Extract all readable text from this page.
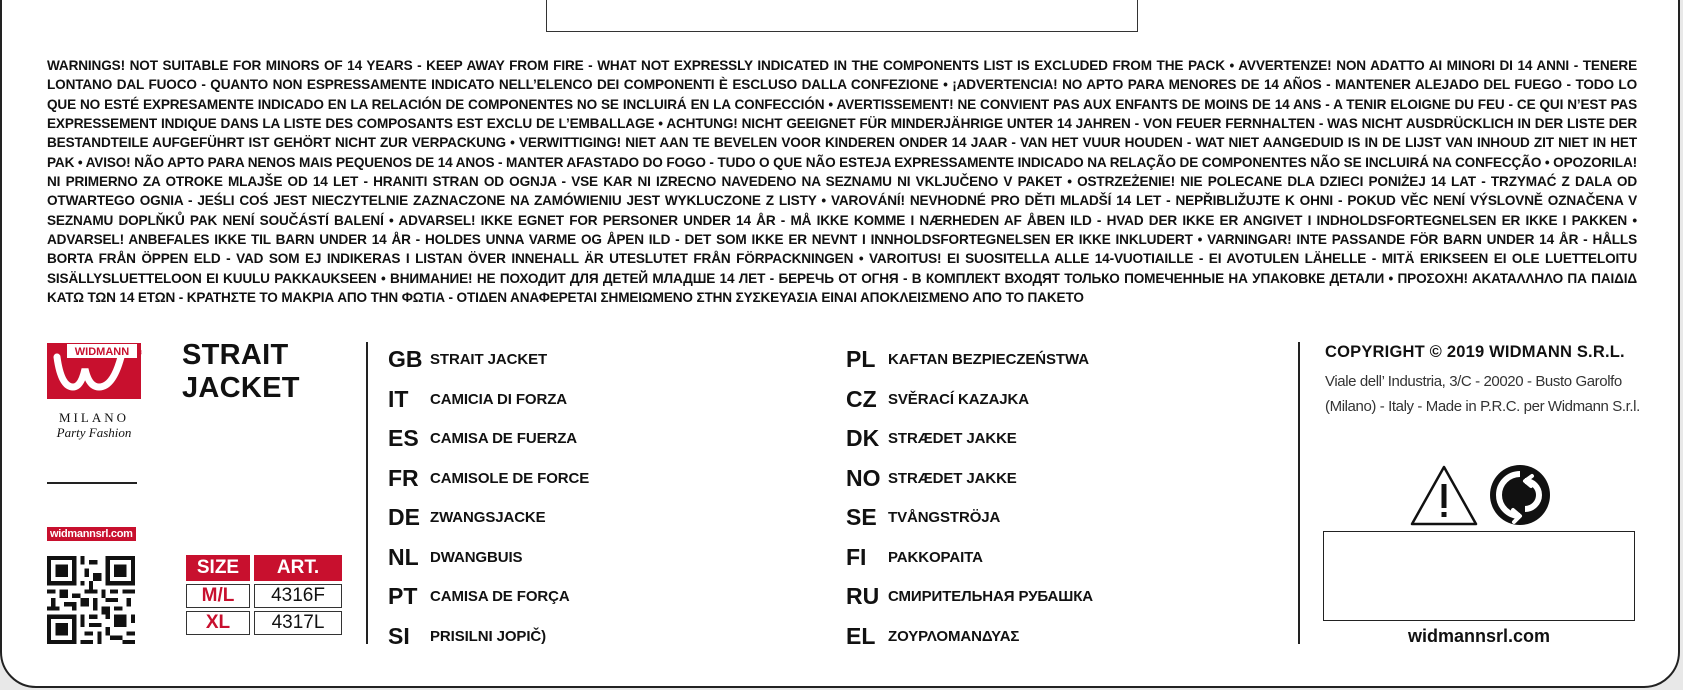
WARNINGS! NOT SUITABLE FOR MINORS OF 14 YEARS - KEEP AWAY FROM FIRE - WHAT NOT EXPRESSLY INDICATED IN THE COMPONENTS LIST IS EXCLUDED FROM THE PACK • AVVERTENZE! NON ADATTO AI MINORI DI 14 ANNI - TENERE LONTANO DAL FUOCO - QUANTO NON ESPRESSAMENTE INDICATO NELL’ELENCO DEI COMPONENTI È ESCLUSO DALLA CONFEZIONE • ¡ADVERTENCIA! NO APTO PARA MENORES DE 14 AÑOS - MANTENER ALEJADO DEL FUEGO - TODO LO QUE NO ESTÉ EXPRESAMENTE INDICADO EN LA RELACIÓN DE COMPONENTES NO SE INCLUIRÁ EN LA CONFECCIÓN • AVERTISSEMENT! NE CONVIENT PAS AUX ENFANTS DE MOINS DE 14 ANS - A TENIR ELOIGNE DU FEU - CE QUI N’EST PAS EXPRESSEMENT INDIQUE DANS LA LISTE DES COMPOSANTS EST EXCLU DE L’EMBALLAGE • ACHTUNG! NICHT GEEIGNET FÜR MINDERJÄHRIGE UNTER 14 JAHREN - VON FEUER FERNHALTEN - WAS NICHT AUSDRÜCKLICH IN DER LISTE DER BESTANDTEILE AUFGEFÜHRT IST GEHÖRT NICHT ZUR VERPACKUNG • VERWITTIGING! NIET AAN TE BEVELEN VOOR KINDEREN ONDER 14 JAAR - VAN HET VUUR HOUDEN - WAT NIET AANGEDUID IS IN DE LIJST VAN INHOUD ZIT NIET IN HET PAK • AVISO! NÃO APTO PARA NENOS MAIS PEQUENOS DE 14 ANOS - MANTER AFASTADO DO FOGO - TUDO O QUE NÃO ESTEJA EXPRESSAMENTE INDICADO NA RELAÇÃO DE COMPONENTES NÃO SE INCLUIRÁ NA CONFECÇÃO • OPOZORILA! NI PRIMERNO ZA OTROKE MLAJŠE OD 14 LET - HRANITI STRAN OD OGNJA - VSE KAR NI IZRECNO NAVEDENO NA SEZNAMU NI VKLJUČENO V PAKET • OSTRZEŻENIE! NIE POLECANE DLA DZIECI PONIŻEJ 14 LAT - TRZYMAĆ Z DALA OD OTWARTEGO OGNIA - JEŚLI COŚ JEST NIECZYTELNIE ZAZNACZONE NA ZAMÓWIENIU JEST WYKLUCZONE Z LISTY • VAROVÁNÍ! NEVHODNÉ PRO DĚTI MLADŠÍ 14 LET - NEPŘIBLIŽUJTE K OHNI - POKUD VĚC NENÍ VÝSLOVNĚ OZNAČENA V SEZNAMU DOPLŇKŮ PAK NENÍ SOUČÁSTÍ BALENÍ • ADVARSEL! IKKE EGNET FOR PERSONER UNDER 14 ÅR - MÅ IKKE KOMME I NÆRHEDEN AF ÅBEN ILD - HVAD DER IKKE ER ANGIVET I INDHOLDSFORTEGNELSEN ER IKKE I PAKKEN • ADVARSEL! ANBEFALES IKKE TIL BARN UNDER 14 ÅR - HOLDES UNNA VARME OG ÅPEN ILD - DET SOM IKKE ER NEVNT I INNHOLDSFORTEGNELSEN ER IKKE INKLUDERT • VARNINGAR! INTE PASSANDE FÖR BARN UNDER 14 ÅR - HÅLLS BORTA FRÅN ÖPPEN ELD - VAD SOM EJ INDIKERAS I LISTAN ÖVER INNEHALL ÄR UTESLUTET FRÅN FÖRPACKNINGEN • VAROITUS! EI SUOSITELLA ALLE 14-VUOTIAILLE - EI AVOTULEN LÄHELLE - MITÄ ERIKSEEN EI OLE LUETTELOITU SISÄLLYSLUETTELOON EI KUULU PAKKAUKSEEN • ВНИМАНИЕ! НЕ ПОХОДИТ ДЛЯ ДЕТЕЙ МЛАДШЕ 14 ЛЕТ - БЕРЕЧЬ ОТ ОГНЯ - В КОМПЛЕКТ ВХОДЯТ ТОЛЬКО ПОМЕЧЕННЫЕ НА УПАКОВКЕ ДЕТАЛИ • ΠΡΟΣΟΧΗ! ΑΚΑΤΑΛΛΗΛΟ ΠΑ ΠΑΙΔΙΔ ΚΑΤΩ ΤΩΝ 14 ΕΤΩΝ - ΚΡΑΤΗΣΤΕ ΤΟ ΜΑΚΡΙΑ ΑΠΟ ΤΗΝ ΦΩΤΙΑ - ΟΤΙΔΕΝ ΑΝΑΦΕΡΕΤΑΙ ΣΗΜΕΙΩΜΕΝΟ ΣΤΗΝ ΣΥΣΚΕΥΑΣΙΑ ΕΙΝΑΙ ΑΠΟΚΛΕΙΣΜΕΝΟ ΑΠΟ ΤΟ ΠΑΚΕΤΟ
WIDMANN ®
MILANO
Party Fashion
STRAIT
JACKET
widmannsrl.com
SIZE	ART.
M/L	4316F
XL	4317L
GB STRAIT JACKET
IT	CAMICIA DI FORZA
ES CAMISA DE FUERZA
FR CAMISOLE DE FORCE
DE ZWANGSJACKE
NL DWANGBUIS
PT CAMISA DE FORÇA
SI	PRISILNI JOPIČ)
PL KAFTAN BEZPIECZEŃSTWA
CZ SVĚRACÍ KAZAJKA
DK STRÆDET JAKKE
NO STRÆDET JAKKE
SE TVÅNGSTRÖJA
FI	PAKKOPAITA
RU СМИРИТЕЛЬНАЯ РУБАШКА
EL ΖΟΥΡΛΟΜΑΝΔΥΑΣ
COPYRIGHT © 2019 WIDMANN S.R.L.
Viale dell’ Industria, 3/C - 20020 - Busto Garolfo
(Milano) - Italy - Made in P.R.C. per Widmann S.r.l.
widmannsrl.com
